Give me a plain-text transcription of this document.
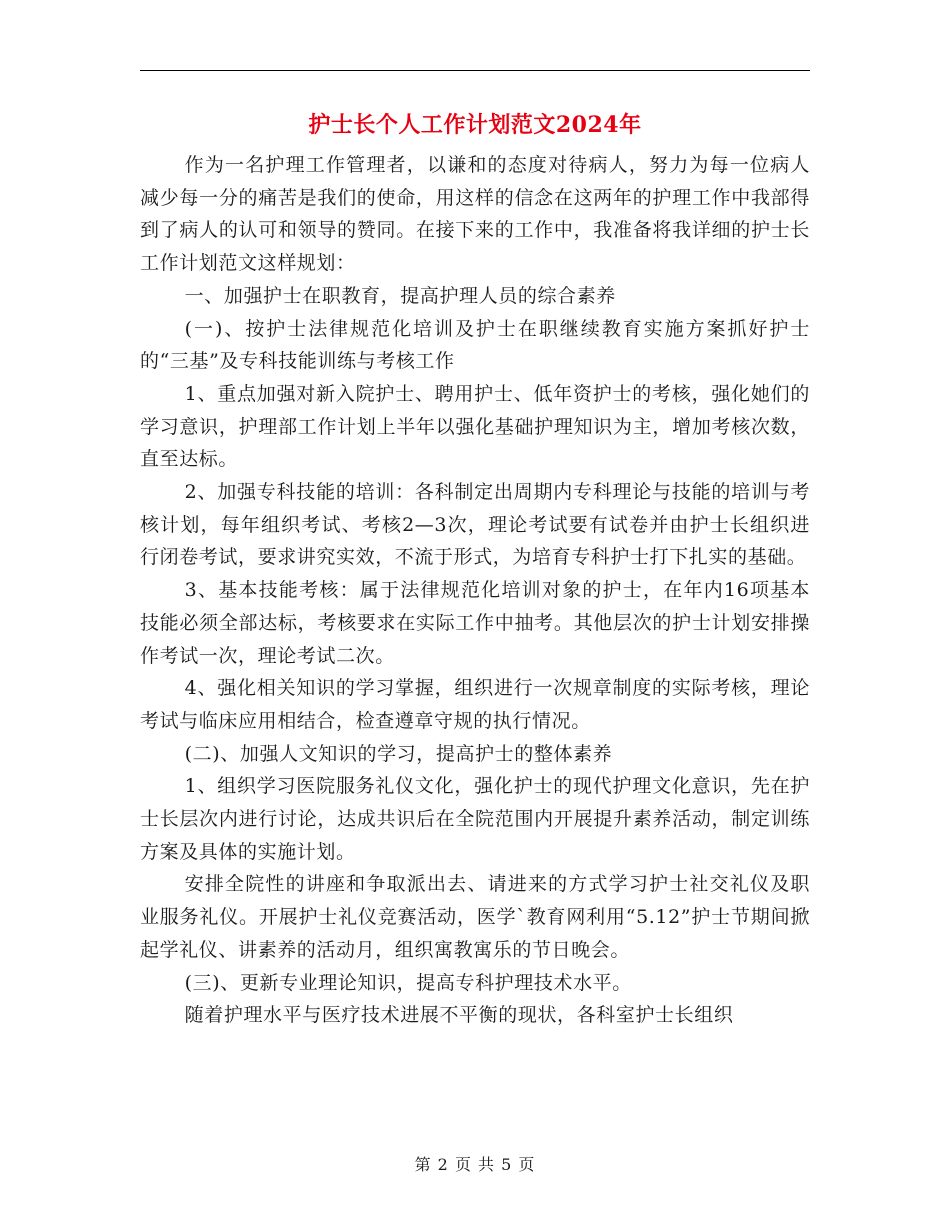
护士长个人工作计划范文2024年

作为一名护理工作管理者，以谦和的态度对待病人，努力为每一位病人减少每一分的痛苦是我们的使命，用这样的信念在这两年的护理工作中我部得到了病人的认可和领导的赞同。在接下来的工作中，我准备将我详细的护士长工作计划范文这样规划：

一、加强护士在职教育，提高护理人员的综合素养

(一)、按护士法律规范化培训及护士在职继续教育实施方案抓好护士的“三基”及专科技能训练与考核工作

1、重点加强对新入院护士、聘用护士、低年资护士的考核，强化她们的学习意识，护理部工作计划上半年以强化基础护理知识为主，增加考核次数，直至达标。

2、加强专科技能的培训：各科制定出周期内专科理论与技能的培训与考核计划，每年组织考试、考核2—3次，理论考试要有试卷并由护士长组织进行闭卷考试，要求讲究实效，不流于形式，为培育专科护士打下扎实的基础。

3、基本技能考核：属于法律规范化培训对象的护士，在年内16项基本技能必须全部达标，考核要求在实际工作中抽考。其他层次的护士计划安排操作考试一次，理论考试二次。

4、强化相关知识的学习掌握，组织进行一次规章制度的实际考核，理论考试与临床应用相结合，检查遵章守规的执行情况。

(二)、加强人文知识的学习，提高护士的整体素养

1、组织学习医院服务礼仪文化，强化护士的现代护理文化意识，先在护士长层次内进行讨论，达成共识后在全院范围内开展提升素养活动，制定训练方案及具体的实施计划。

安排全院性的讲座和争取派出去、请进来的方式学习护士社交礼仪及职业服务礼仪。开展护士礼仪竞赛活动，医学`教育网利用“5.12”护士节期间掀起学礼仪、讲素养的活动月，组织寓教寓乐的节日晚会。

(三)、更新专业理论知识，提高专科护理技术水平。

随着护理水平与医疗技术进展不平衡的现状，各科室护士长组织

第 2 页 共 5 页
